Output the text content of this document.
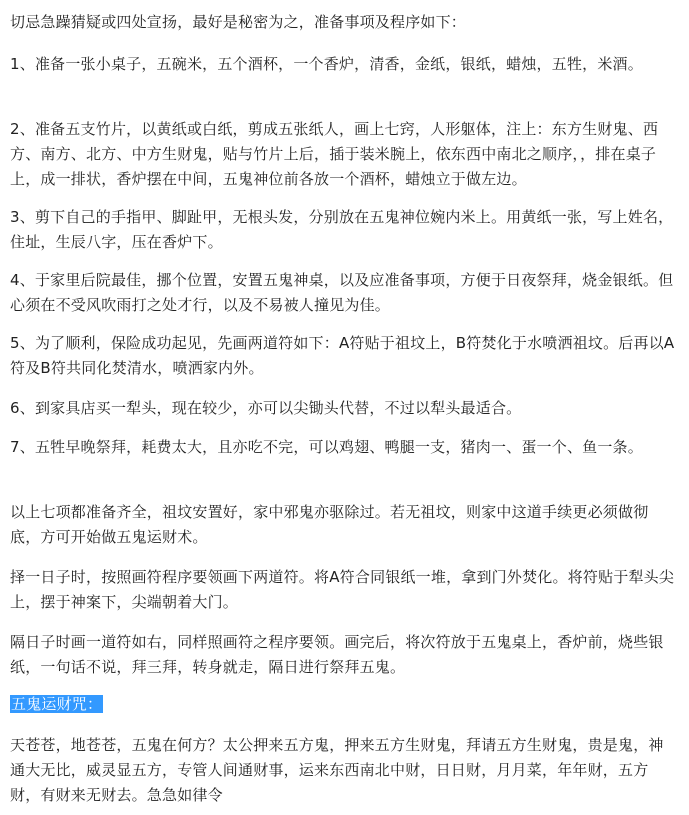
切忌急躁猜疑或四处宣扬，最好是秘密为之，准备事项及程序如下：

1、准备一张小桌子，五碗米，五个酒杯，一个香炉，清香，金纸，银纸，蜡烛，五牲，米酒。

2、准备五支竹片，以黄纸或白纸，剪成五张纸人，画上七窍，人形躯体，注上：东方生财鬼、西方、南方、北方、中方生财鬼，贴与竹片上后，插于装米腕上，依东西中南北之顺序，，排在桌子上，成一排状，香炉摆在中间，五鬼神位前各放一个酒杯，蜡烛立于做左边。

3、剪下自己的手指甲、脚趾甲，无根头发，分别放在五鬼神位婉内米上。用黄纸一张，写上姓名，住址，生辰八字，压在香炉下。

4、于家里后院最佳，挪个位置，安置五鬼神桌，以及应准备事项，方便于日夜祭拜，烧金银纸。但心须在不受风吹雨打之处才行，以及不易被人撞见为佳。

5、为了顺利，保险成功起见，先画两道符如下：A符贴于祖坟上，B符焚化于水喷洒祖坟。后再以A符及B符共同化焚清水，喷洒家内外。

6、到家具店买一犁头，现在较少，亦可以尖锄头代替，不过以犁头最适合。

7、五牲早晚祭拜，耗费太大，且亦吃不完，可以鸡翅、鸭腿一支，猪肉一、蛋一个、鱼一条。

以上七项都准备齐全，祖坟安置好，家中邪鬼亦驱除过。若无祖坟，则家中这道手续更必须做彻底，方可开始做五鬼运财术。

择一日子时，按照画符程序要领画下两道符。将A符合同银纸一堆，拿到门外焚化。将符贴于犁头尖上，摆于神案下，尖端朝着大门。

隔日子时画一道符如右，同样照画符之程序要领。画完后，将次符放于五鬼桌上，香炉前，烧些银纸，一句话不说，拜三拜，转身就走，隔日进行祭拜五鬼。

五鬼运财咒：

天苍苍，地苍苍，五鬼在何方？太公押来五方鬼，押来五方生财鬼，拜请五方生财鬼，贵是鬼，神通大无比，威灵显五方，专管人间通财事，运来东西南北中财，日日财，月月菜，年年财，五方财，有财来无财去。急急如律令
